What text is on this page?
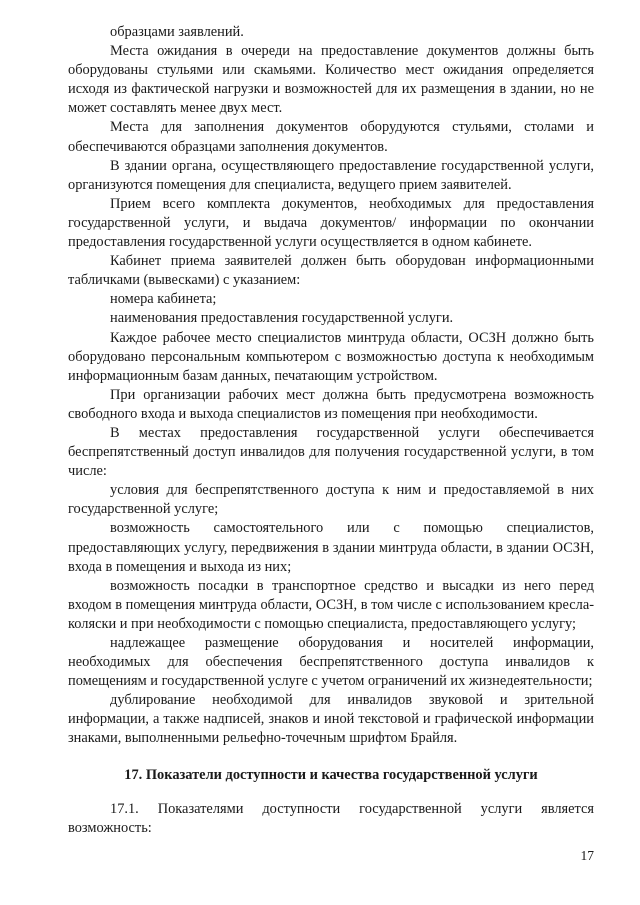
образцами заявлений.

Места ожидания в очереди на предоставление документов должны быть оборудованы стульями или скамьями. Количество мест ожидания определяется исходя из фактической нагрузки и возможностей для их размещения в здании, но не может составлять менее двух мест.

Места для заполнения документов оборудуются стульями, столами и обеспечиваются образцами заполнения документов.

В здании органа, осуществляющего предоставление государственной услуги, организуются помещения для специалиста, ведущего прием заявителей.

Прием всего комплекта документов, необходимых для предоставления государственной услуги, и выдача документов/ информации по окончании предоставления государственной услуги осуществляется в одном кабинете.

Кабинет приема заявителей должен быть оборудован информационными табличками (вывесками) с указанием:

номера кабинета;

наименования предоставления государственной услуги.

Каждое рабочее место специалистов минтруда области, ОСЗН должно быть оборудовано персональным компьютером с возможностью доступа к необходимым информационным базам данных, печатающим устройством.

При организации рабочих мест должна быть предусмотрена возможность свободного входа и выхода специалистов из помещения при необходимости.

В местах предоставления государственной услуги обеспечивается беспрепятственный доступ инвалидов для получения государственной услуги, в том числе:

условия для беспрепятственного доступа к ним и предоставляемой в них государственной услуге;

возможность самостоятельного или с помощью специалистов, предоставляющих услугу, передвижения в здании минтруда области, в здании ОСЗН, входа в помещения и выхода из них;

возможность посадки в транспортное средство и высадки из него перед входом в помещения минтруда области, ОСЗН, в том числе с использованием кресла-коляски и при необходимости с помощью специалиста, предоставляющего услугу;

надлежащее размещение оборудования и носителей информации, необходимых для обеспечения беспрепятственного доступа инвалидов к помещениям и государственной услуге с учетом ограничений их жизнедеятельности;

дублирование необходимой для инвалидов звуковой и зрительной информации, а также надписей, знаков и иной текстовой и графической информации знаками, выполненными рельефно-точечным шрифтом Брайля.

17. Показатели доступности и качества государственной услуги

17.1. Показателями доступности государственной услуги является возможность:

17
